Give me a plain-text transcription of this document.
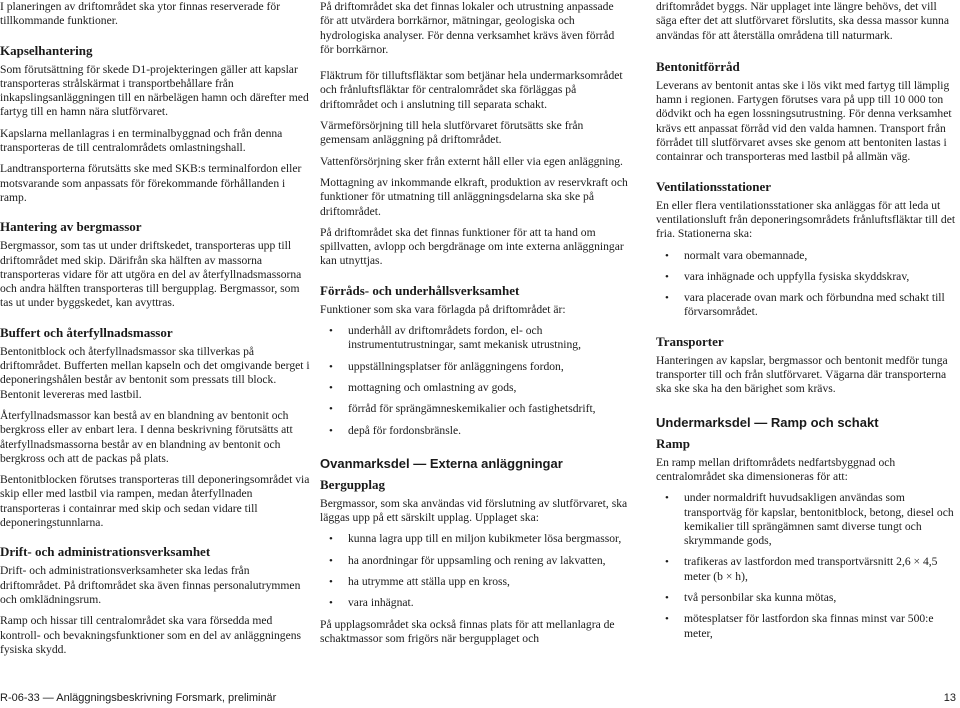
I planeringen av driftområdet ska ytor finnas reserverade för tillkommande funktioner.

Kapselhantering

Som förutsättning för skede D1-projekteringen gäller att kapslar transporteras strålskärmat i transportbehållare från inkapslingsanläggningen till en närbelägen hamn och därefter med fartyg till en hamn nära slutförvaret.

Kapslarna mellanlagras i en terminalbyggnad och från denna transporteras de till centralområdets omlastningshall.

Landtransporterna förutsätts ske med SKB:s terminalfordon eller motsvarande som anpassats för förekommande förhållanden i ramp.

Hantering av bergmassor

Bergmassor, som tas ut under driftskedet, transporteras upp till driftområdet med skip. Därifrån ska hälften av massorna transporteras vidare för att utgöra en del av återfyllnadsmassorna och andra hälften transporteras till bergupplag. Bergmassor, som tas ut under byggskedet, kan avyttras.

Buffert och återfyllnadsmassor

Bentonitblock och återfyllnadsmassor ska tillverkas på driftområdet. Bufferten mellan kapseln och det omgivande berget i deponeringshålen består av bentonit som pressats till block. Bentonit levereras med lastbil.

Återfyllnadsmassor kan bestå av en blandning av bentonit och bergkross eller av enbart lera. I denna beskrivning förutsätts att återfyllnadsmassorna består av en blandning av bentonit och bergkross och att de packas på plats.

Bentonitblocken förutses transporteras till deponeringsområdet via skip eller med lastbil via rampen, medan återfyllnaden transporteras i containrar med skip och sedan vidare till deponeringstunnlarna.

Drift- och administrationsverksamhet

Drift- och administrationsverksamheter ska ledas från driftområdet. På driftområdet ska även finnas personalutrymmen och omklädningsrum.

Ramp och hissar till centralområdet ska vara försedda med kontroll- och bevakningsfunktioner som en del av anläggningens fysiska skydd.

På driftområdet ska det finnas lokaler och utrustning anpassade för att utvärdera borrkärnor, mätningar, geologiska och hydrologiska analyser. För denna verksamhet krävs även förråd för borrkärnor.

Fläktrum för tilluftsfläktar som betjänar hela undermarksområdet och frånluftsfläktar för centralområdet ska förläggas på driftområdet och i anslutning till separata schakt.

Värmeförsörjning till hela slutförvaret förutsätts ske från gemensam anläggning på driftområdet.

Vattenförsörjning sker från externt håll eller via egen anläggning.

Mottagning av inkommande elkraft, produktion av reservkraft och funktioner för utmatning till anläggningsdelarna ska ske på driftområdet.

På driftområdet ska det finnas funktioner för att ta hand om spillvatten, avlopp och bergdränage om inte externa anläggningar kan utnyttjas.

Förråds- och underhållsverksamhet

Funktioner som ska vara förlagda på driftområdet är:

• underhåll av driftområdets fordon, el- och instrumentutrustningar, samt mekanisk utrustning,
• uppställningsplatser för anläggningens fordon,
• mottagning och omlastning av gods,
• förråd för sprängämneskemikalier och fastighetsdrift,
• depå för fordonsbränsle.
Ovanmarksdel — Externa anläggningar
Bergupplag

Bergmassor, som ska användas vid förslutning av slutförvaret, ska läggas upp på ett särskilt upplag. Upplaget ska:

• kunna lagra upp till en miljon kubikmeter lösa bergmassor,
• ha anordningar för uppsamling och rening av lakvatten,
• ha utrymme att ställa upp en kross,
• vara inhägnat.

På upplagsområdet ska också finnas plats för att mellanlagra de schaktmassor som frigörs när bergupplaget och

driftområdet byggs. När upplaget inte längre behövs, det vill säga efter det att slutförvaret förslutits, ska dessa massor kunna användas för att återställa områdena till naturmark.

Bentonitförråd

Leverans av bentonit antas ske i lös vikt med fartyg till lämplig hamn i regionen. Fartygen förutses vara på upp till 10 000 ton dödvikt och ha egen lossningsutrustning. För denna verksamhet krävs ett anpassat förråd vid den valda hamnen. Transport från förrådet till slutförvaret avses ske genom att bentoniten lastas i containrar och transporteras med lastbil på allmän väg.

Ventilationsstationer

En eller flera ventilationsstationer ska anläggas för att leda ut ventilationsluft från deponeringsområdets frånluftsfläktar till det fria. Stationerna ska:

• normalt vara obemannade,
• vara inhägnade och uppfylla fysiska skyddskrav,
• vara placerade ovan mark och förbundna med schakt till förvarsområdet.
Transporter

Hanteringen av kapslar, bergmassor och bentonit medför tunga transporter till och från slutförvaret. Vägarna där transporterna ska ske ska ha den bärighet som krävs.

Undermarksdel — Ramp och schakt
Ramp

En ramp mellan driftområdets nedfartsbyggnad och centralområdet ska dimensioneras för att:

• under normaldrift huvudsakligen användas som transportväg för kapslar, bentonitblock, betong, diesel och kemikalier till sprängämnen samt diverse tungt och skrymmande gods,
• trafikeras av lastfordon med transportvärsnitt 2,6 × 4,5 meter (b × h),
• två personbilar ska kunna mötas,
• mötesplatser för lastfordon ska finnas minst var 500:e meter,
R-06-33 — Anläggningsbeskrivning Forsmark, preliminär	13
